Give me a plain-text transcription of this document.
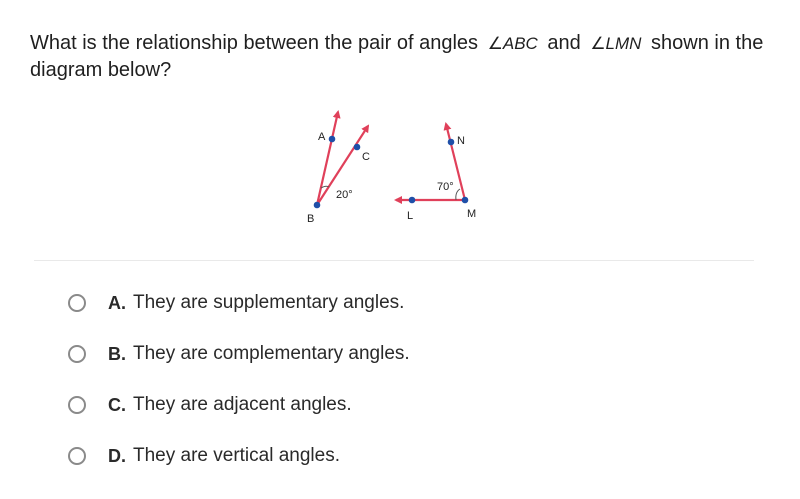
What is the relationship between the pair of angles ∠ABC and ∠LMN shown in the diagram below?
A
B
C
20°
L	M
N
70°
A. They are supplementary angles.
B. They are complementary angles.
C. They are adjacent angles.
D. They are vertical angles.
